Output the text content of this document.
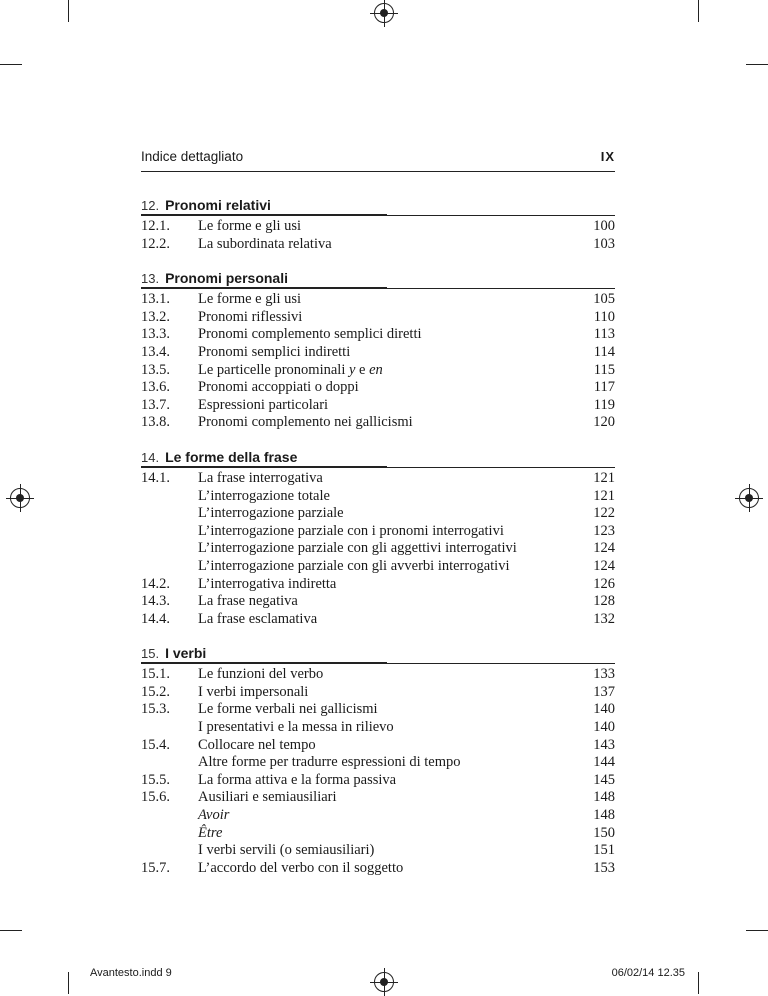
Indice dettagliato	IX
12. Pronomi relativi
12.1.	Le forme e gli usi	100
12.2.	La subordinata relativa	103
13. Pronomi personali
13.1.	Le forme e gli usi	105
13.2.	Pronomi riflessivi	110
13.3.	Pronomi complemento semplici diretti	113
13.4.	Pronomi semplici indiretti	114
13.5.	Le particelle pronominali y e en	115
13.6.	Pronomi accoppiati o doppi	117
13.7.	Espressioni particolari	119
13.8.	Pronomi complemento nei gallicismi	120
14. Le forme della frase
14.1.	La frase interrogativa	121
L’interrogazione totale	121
L’interrogazione parziale	122
L’interrogazione parziale con i pronomi interrogativi	123
L’interrogazione parziale con gli aggettivi interrogativi	124
L’interrogazione parziale con gli avverbi interrogativi	124
14.2.	L’interrogativa indiretta	126
14.3.	La frase negativa	128
14.4.	La frase esclamativa	132
15. I verbi
15.1.	Le funzioni del verbo	133
15.2.	I verbi impersonali	137
15.3.	Le forme verbali nei gallicismi	140
I presentativi e la messa in rilievo	140
15.4.	Collocare nel tempo	143
Altre forme per tradurre espressioni di tempo	144
15.5.	La forma attiva e la forma passiva	145
15.6.	Ausiliari e semiausiliari	148
Avoir	148
Être	150
I verbi servili (o semiausiliari)	151
15.7.	L’accordo del verbo con il soggetto	153
Avantesto.indd 9	06/02/14 12.35
